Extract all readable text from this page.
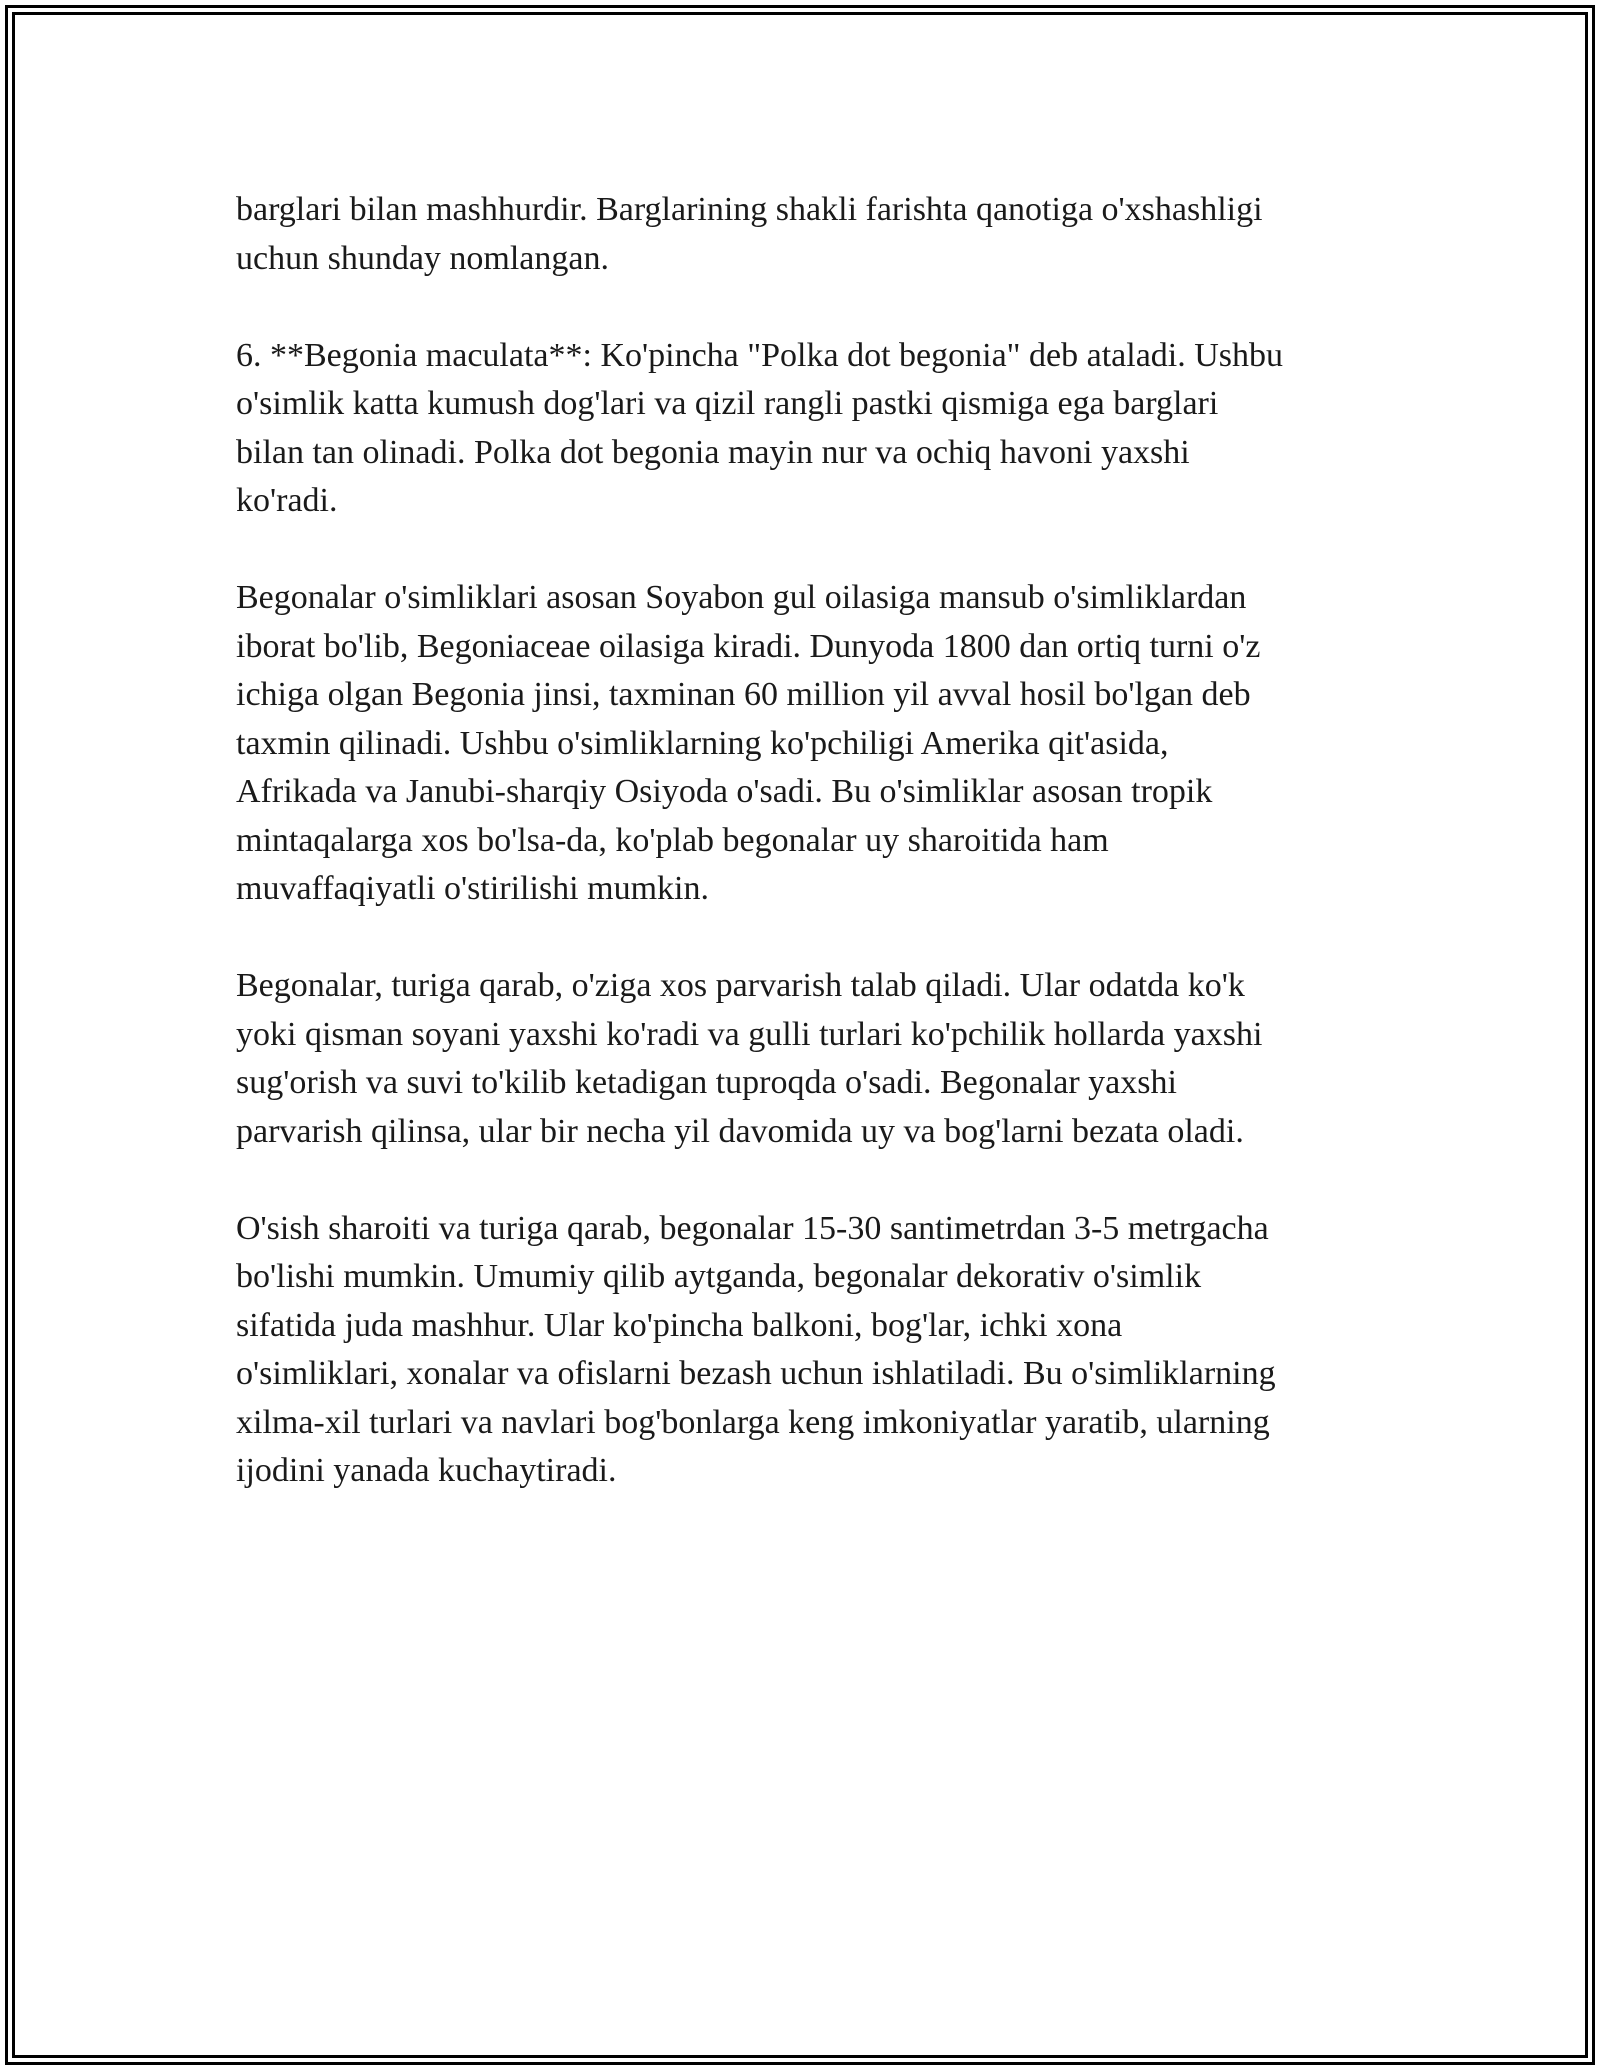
barglari bilan mashhurdir. Barglarining shakli farishta qanotiga o'xshashligi
uchun shunday nomlangan.

6. **Begonia maculata**: Ko'pincha "Polka dot begonia" deb ataladi. Ushbu
o'simlik katta kumush dog'lari va qizil rangli pastki qismiga ega barglari
bilan tan olinadi. Polka dot begonia mayin nur va ochiq havoni yaxshi
ko'radi.

Begonalar o'simliklari asosan Soyabon gul oilasiga mansub o'simliklardan
iborat bo'lib, Begoniaceae oilasiga kiradi. Dunyoda 1800 dan ortiq turni o'z
ichiga olgan Begonia jinsi, taxminan 60 million yil avval hosil bo'lgan deb
taxmin qilinadi. Ushbu o'simliklarning ko'pchiligi Amerika qit'asida,
Afrikada va Janubi-sharqiy Osiyoda o'sadi. Bu o'simliklar asosan tropik
mintaqalarga xos bo'lsa-da, ko'plab begonalar uy sharoitida ham
muvaffaqiyatli o'stirilishi mumkin.

Begonalar, turiga qarab, o'ziga xos parvarish talab qiladi. Ular odatda ko'k
yoki qisman soyani yaxshi ko'radi va gulli turlari ko'pchilik hollarda yaxshi
sug'orish va suvi to'kilib ketadigan tuproqda o'sadi. Begonalar yaxshi
parvarish qilinsa, ular bir necha yil davomida uy va bog'larni bezata oladi.

O'sish sharoiti va turiga qarab, begonalar 15-30 santimetrdan 3-5 metrgacha
bo'lishi mumkin. Umumiy qilib aytganda, begonalar dekorativ o'simlik
sifatida juda mashhur. Ular ko'pincha balkoni, bog'lar, ichki xona
o'simliklari, xonalar va ofislarni bezash uchun ishlatiladi. Bu o'simliklarning
xilma-xil turlari va navlari bog'bonlarga keng imkoniyatlar yaratib, ularning
ijodini yanada kuchaytiradi.
